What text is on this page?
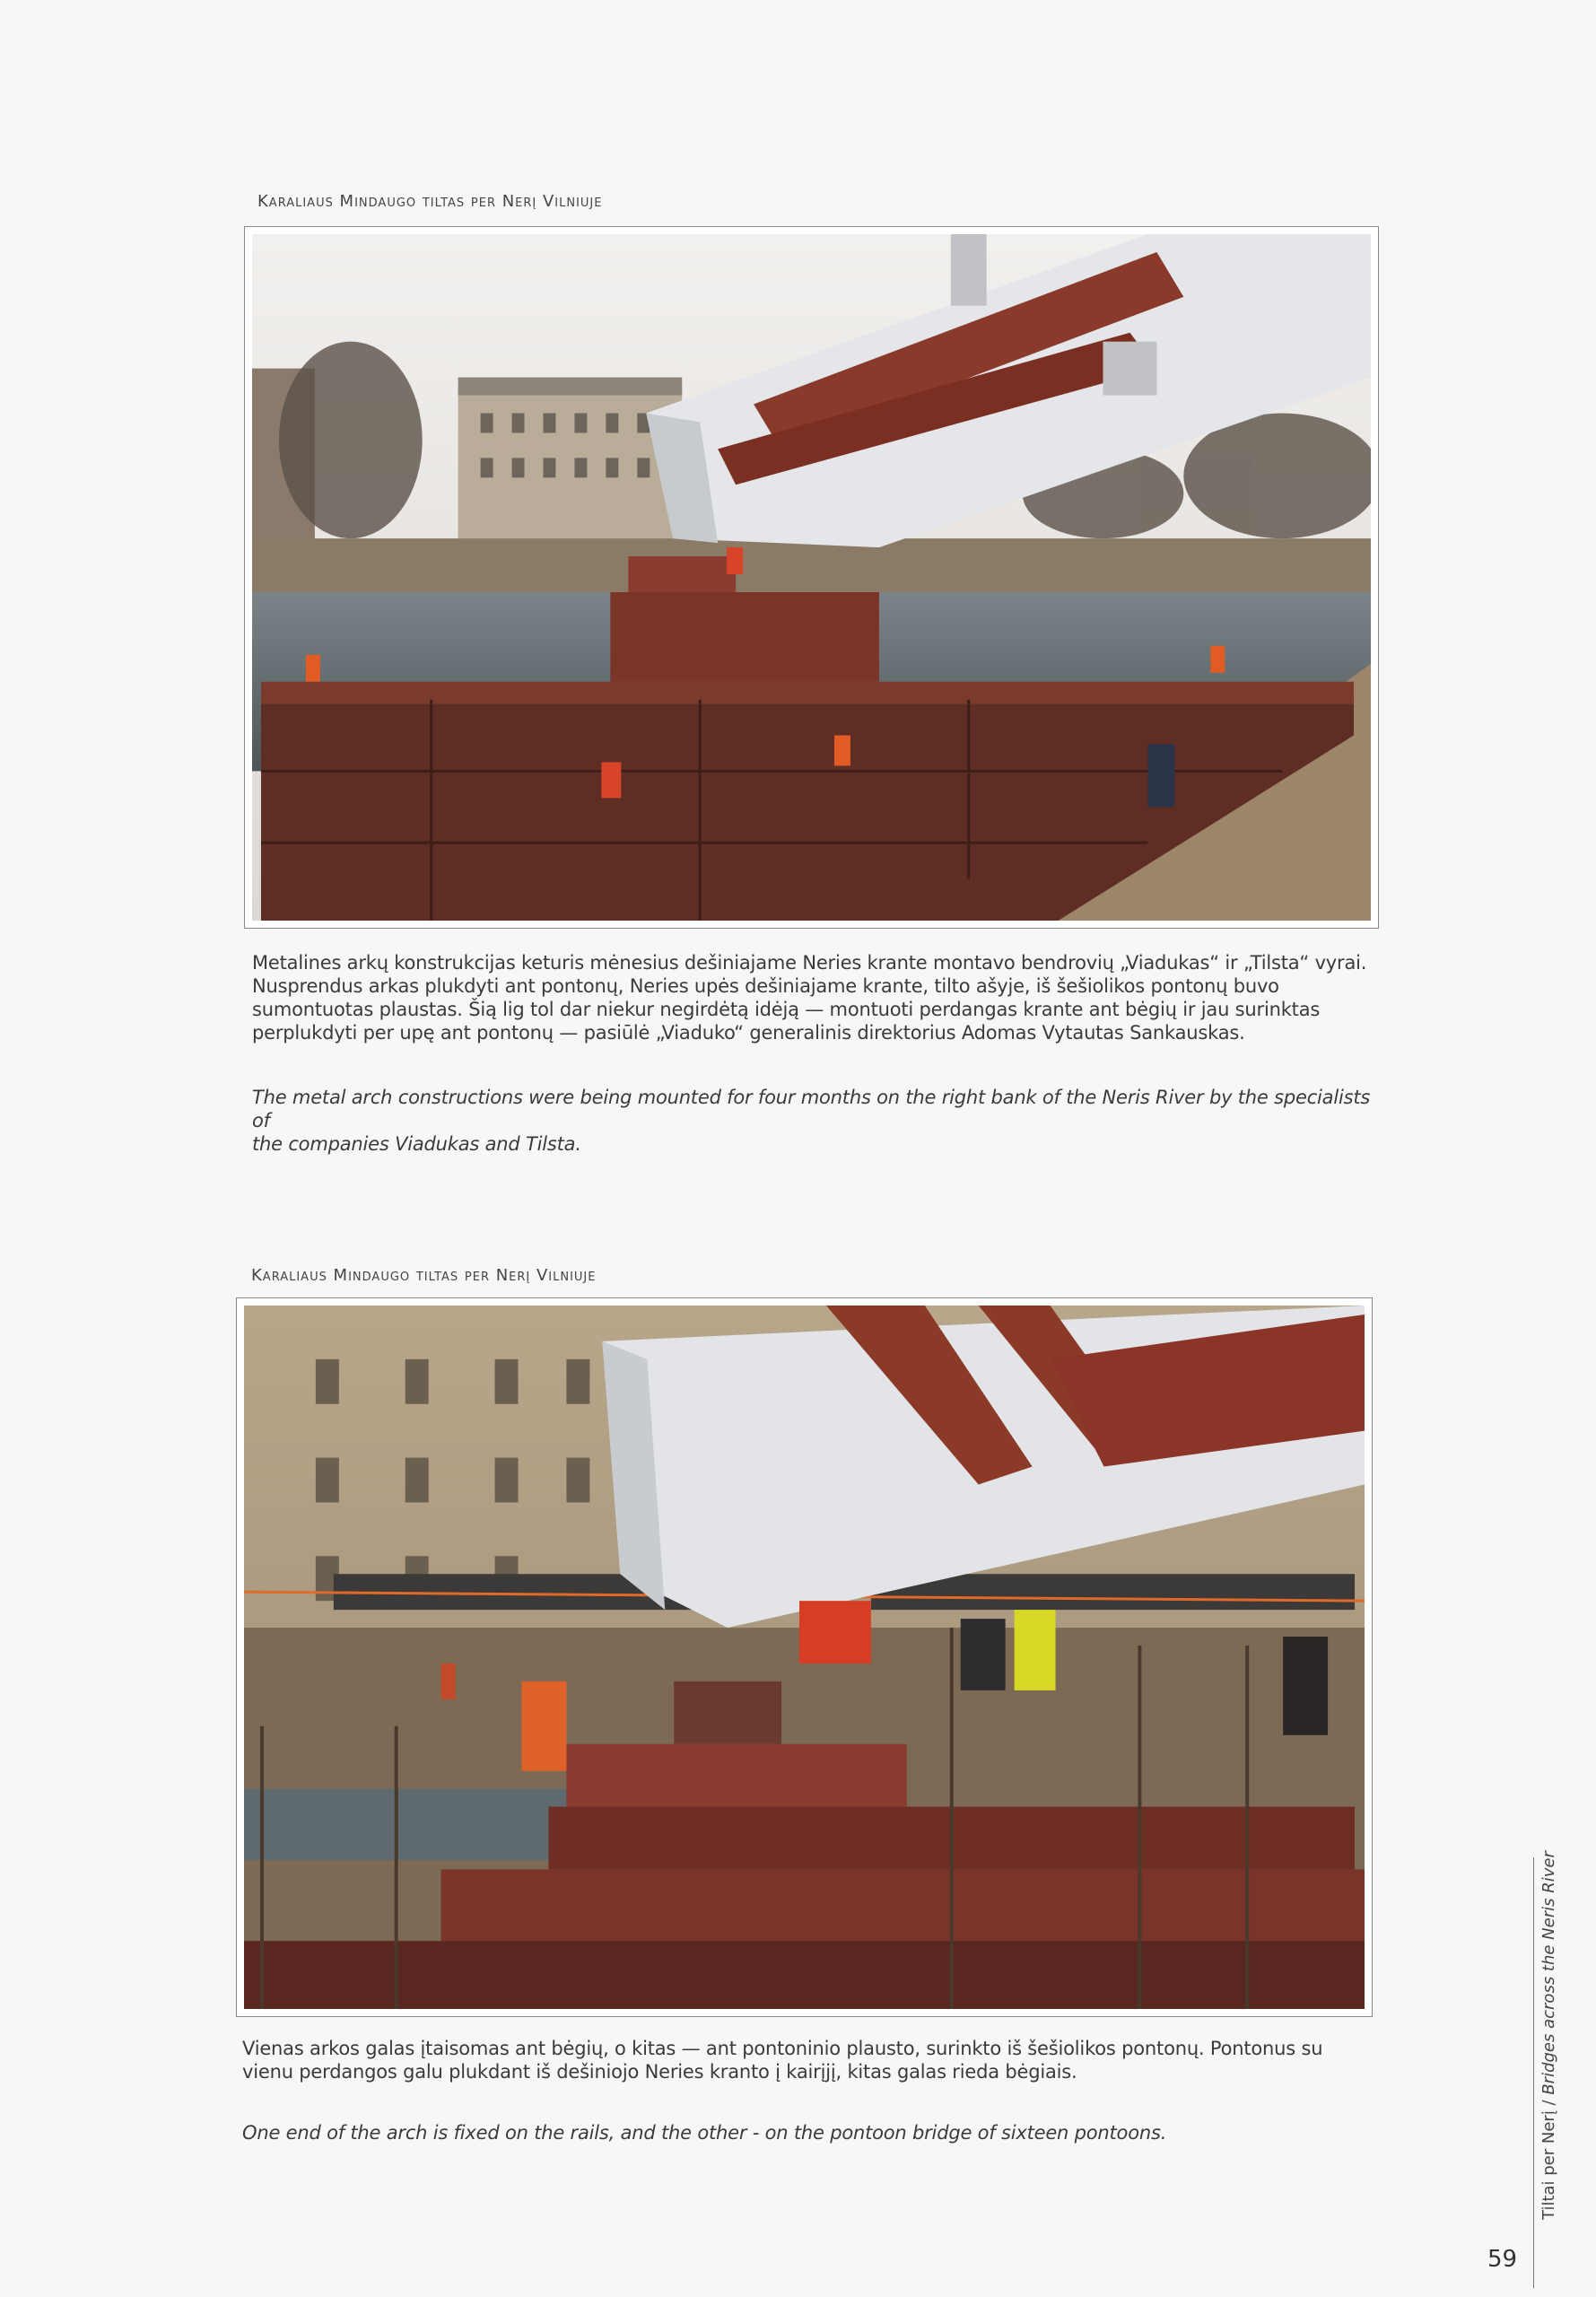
Karaliaus Mindaugo tiltas per Nerį Vilniuje
Metalines arkų konstrukcijas keturis mėnesius dešiniajame Neries krante montavo bendrovių „Viadukas“ ir „Tilsta“ vyrai.
Nusprendus arkas plukdyti ant pontonų, Neries upės dešiniajame krante, tilto ašyje, iš šešiolikos pontonų buvo
sumontuotas plaustas. Šią lig tol dar niekur negirdėtą idėją — montuoti perdangas krante ant bėgių ir jau surinktas
perplukdyti per upę ant pontonų — pasiūlė „Viaduko“ generalinis direktorius Adomas Vytautas Sankauskas.
The metal arch constructions were being mounted for four months on the right bank of the Neris River by the specialists of
the companies Viadukas and Tilsta.
Karaliaus Mindaugo tiltas per Nerį Vilniuje
Vienas arkos galas įtaisomas ant bėgių, o kitas — ant pontoninio plausto, surinkto iš šešiolikos pontonų. Pontonus su
vienu perdangos galu plukdant iš dešiniojo Neries kranto į kairįjį, kitas galas rieda bėgiais.
One end of the arch is fixed on the rails, and the other - on the pontoon bridge of sixteen pontoons.	Tiltai per Nerį / Bridges across the Neris River
59
